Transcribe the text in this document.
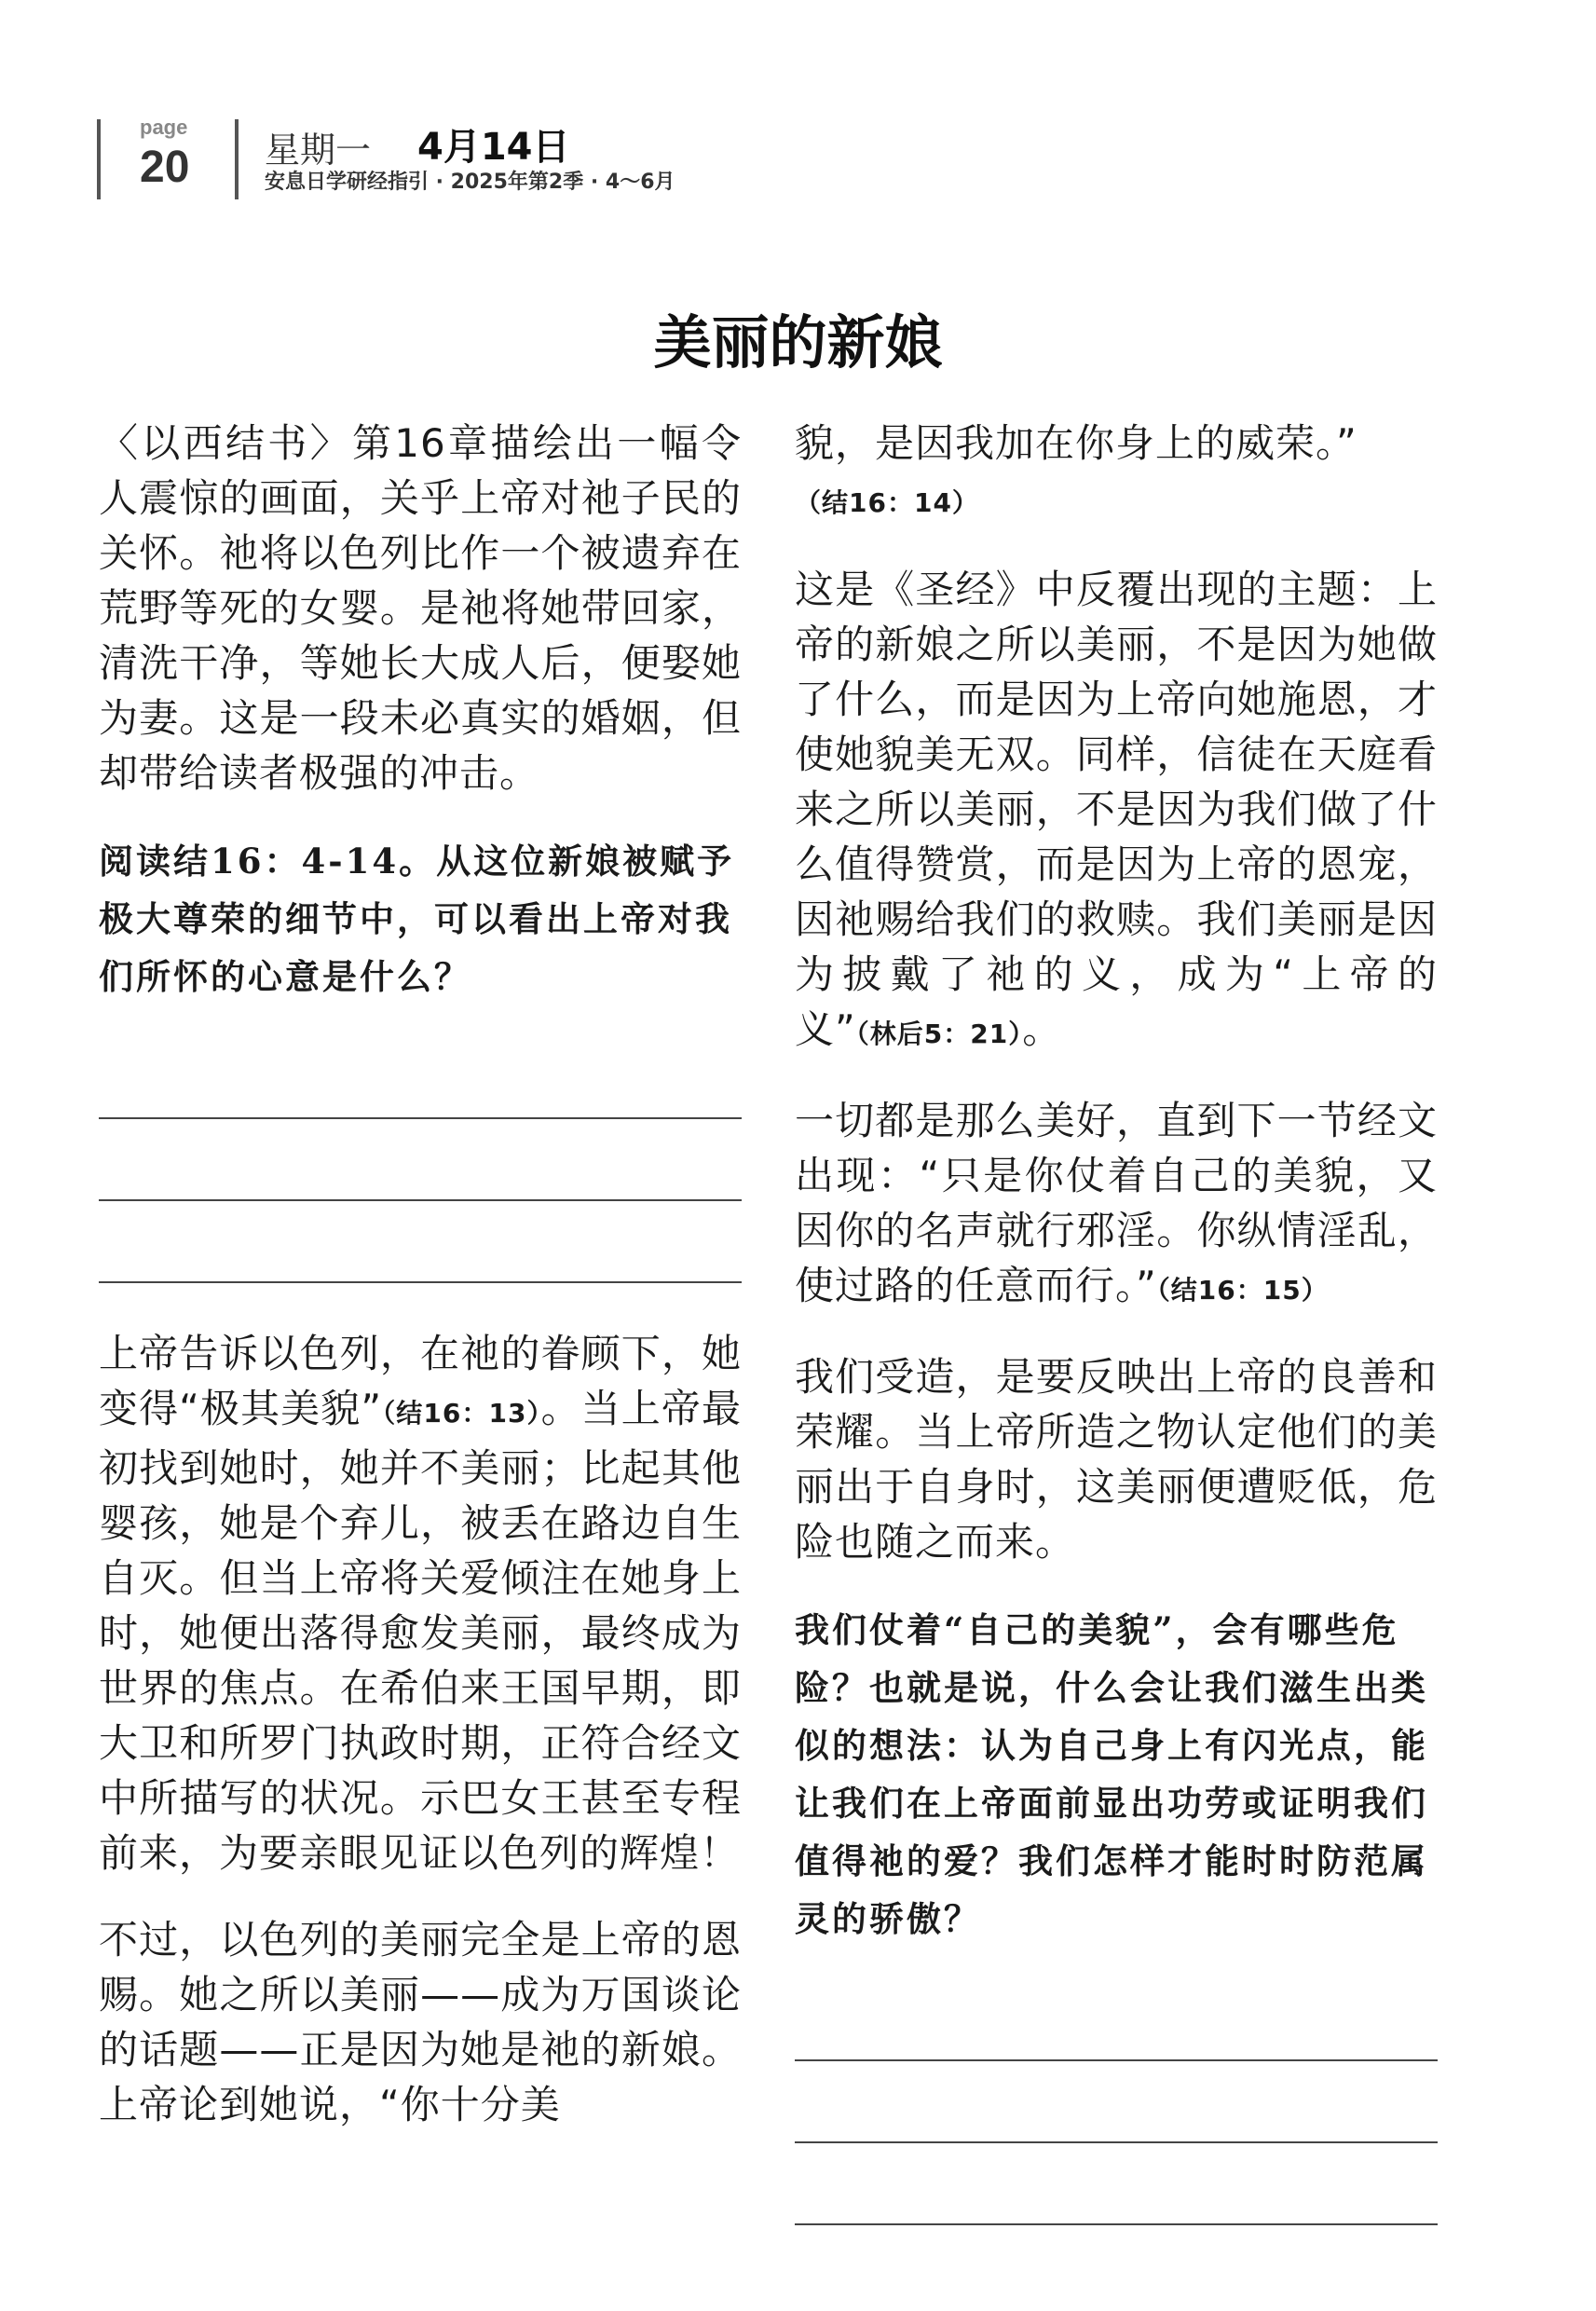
page
20 星期一 4月14日
安息日学研经指引 · 2025年第2季 · 4～6月
美丽的新娘

〈以西结书〉第16章描绘出一幅令人震惊的画面，关乎上帝对祂子民的关怀。祂将以色列比作一个被遗弃在荒野等死的女婴。是祂将她带回家，清洗干净，等她长大成人后，便娶她为妻。这是一段未必真实的婚姻，但却带给读者极强的冲击。

阅读结16：4-14。从这位新娘被赋予极大尊荣的细节中，可以看出上帝对我们所怀的心意是什么？

上帝告诉以色列，在祂的眷顾下，她变得“极其美貌”（结16：13）。当上帝最初找到她时，她并不美丽；比起其他婴孩，她是个弃儿，被丢在路边自生自灭。但当上帝将关爱倾注在她身上时，她便出落得愈发美丽，最终成为世界的焦点。在希伯来王国早期，即大卫和所罗门执政时期，正符合经文中所描写的状况。示巴女王甚至专程前来，为要亲眼见证以色列的辉煌！

不过，以色列的美丽完全是上帝的恩赐。她之所以美丽——成为万国谈论的话题——正是因为她是祂的新娘。上帝论到她说，“你十分美

貌，是因我加在你身上的威荣。”
（结16：14）

这是《圣经》中反覆出现的主题：上帝的新娘之所以美丽，不是因为她做了什么，而是因为上帝向她施恩，才使她貌美无双。同样，信徒在天庭看来之所以美丽，不是因为我们做了什么值得赞赏，而是因为上帝的恩宠，因祂赐给我们的救赎。我们美丽是因为披戴了祂的义，成为“上帝的义”（林后5：21）。

一切都是那么美好，直到下一节经文出现：“只是你仗着自己的美貌，又因你的名声就行邪淫。你纵情淫乱，使过路的任意而行。”（结16：15）

我们受造，是要反映出上帝的良善和荣耀。当上帝所造之物认定他们的美丽出于自身时，这美丽便遭贬低，危险也随之而来。

我们仗着“自己的美貌”，会有哪些危险？也就是说，什么会让我们滋生出类似的想法：认为自己身上有闪光点，能让我们在上帝面前显出功劳或证明我们值得祂的爱？我们怎样才能时时防范属灵的骄傲？
